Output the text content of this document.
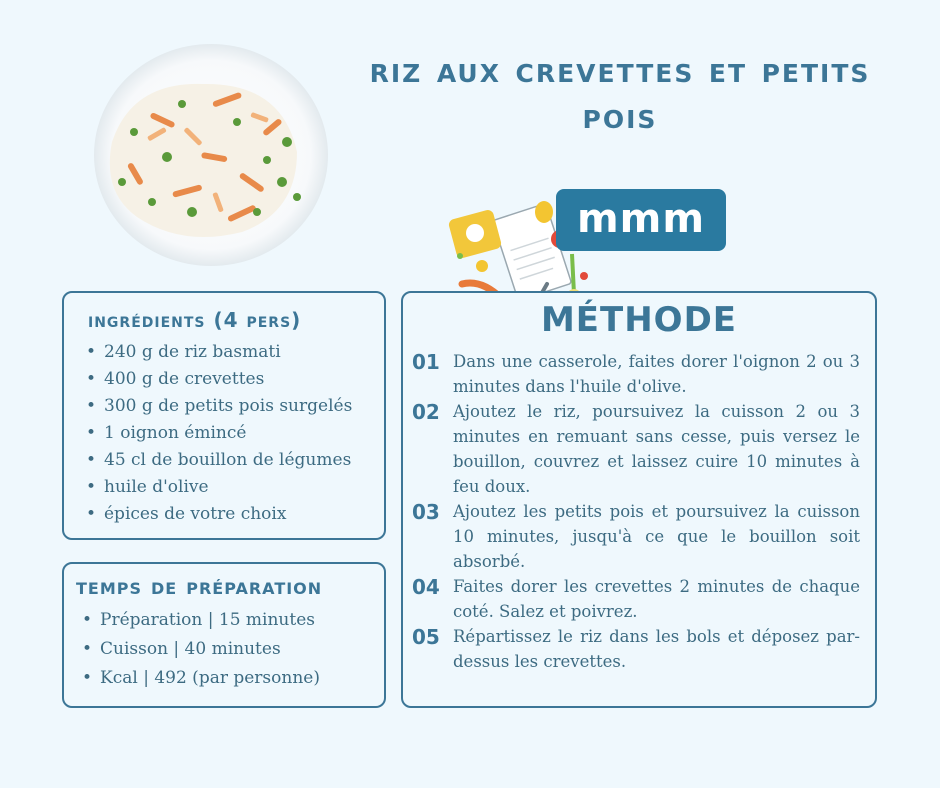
riz aux crevettes et petits pois
mmm
ingrédients (4 pers)
• 240 g de riz basmati
• 400 g de crevettes
• 300 g de petits pois surgelés
• 1 oignon émincé
• 45 cl de bouillon de légumes
• huile d'olive
• épices de votre choix
temps de préparation
• Préparation | 15 minutes
• Cuisson | 40 minutes
• Kcal | 492 (par personne)
MÉTHODE
01 Dans une casserole, faites dorer l'oignon 2 ou 3 minutes dans l'huile d'olive.
02 Ajoutez le riz, poursuivez la cuisson 2 ou 3 minutes en remuant sans cesse, puis versez le bouillon, couvrez et laissez cuire 10 minutes à feu doux.
03 Ajoutez les petits pois et poursuivez la cuisson 10 minutes, jusqu'à ce que le bouillon soit absorbé.
04 Faites dorer les crevettes 2 minutes de chaque coté. Salez et poivrez.
05 Répartissez le riz dans les bols et déposez par-dessus les crevettes.
